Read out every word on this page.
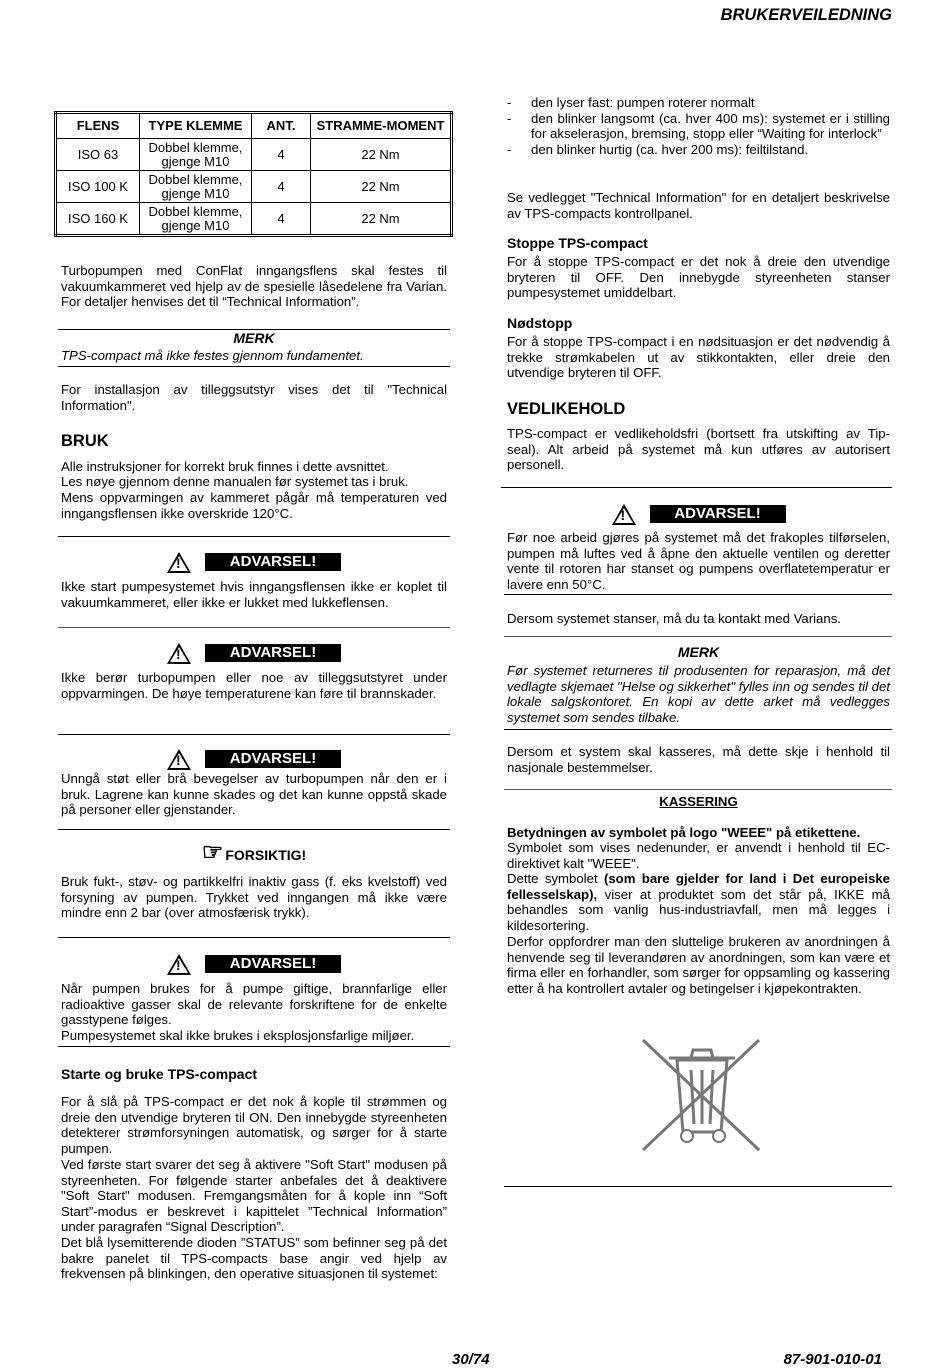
BRUKERVEILEDNING
FLENS	TYPE KLEMME	ANT.	STRAMME-MOMENT
ISO 63	Dobbel klemme, gjenge M10	4	22 Nm
ISO 100 K	Dobbel klemme, gjenge M10	4	22 Nm
ISO 160 K	Dobbel klemme, gjenge M10	4	22 Nm

Turbopumpen med ConFlat inngangsflens skal festes til vakuumkammeret ved hjelp av de spesielle låsedelene fra Varian. For detaljer henvises det til “Technical Information”.

MERK

TPS-compact må ikke festes gjennom fundamentet.

For installasjon av tilleggsutstyr vises det til "Technical Information".

BRUK

Alle instruksjoner for korrekt bruk finnes i dette avsnittet.

Les nøye gjennom denne manualen før systemet tas i bruk.

Mens oppvarmingen av kammeret pågår må temperaturen ved inngangsflensen ikke overskride 120°C.

!	ADVARSEL!

Ikke start pumpesystemet hvis inngangsflensen ikke er koplet til vakuumkammeret, eller ikke er lukket med lukkeflensen.

!	ADVARSEL!

Ikke berør turbopumpen eller noe av tilleggsutstyret under oppvarmingen. De høye temperaturene kan føre til brannskader.

!	ADVARSEL!

Unngå støt eller brå bevegelser av turbopumpen når den er i bruk. Lagrene kan kunne skades og det kan kunne oppstå skade på personer eller gjenstander.

☞ FORSIKTIG!

Bruk fukt-, støv- og partikkelfri inaktiv gass (f. eks kvelstoff) ved forsyning av pumpen. Trykket ved inngangen må ikke være mindre enn 2 bar (over atmosfærisk trykk).

!	ADVARSEL!

Når pumpen brukes for å pumpe giftige, brannfarlige eller radioaktive gasser skal de relevante forskriftene for de enkelte gasstypene følges.

Pumpesystemet skal ikke brukes i eksplosjonsfarlige miljøer.

Starte og bruke TPS-compact

For å slå på TPS-compact er det nok å kople til strømmen og dreie den utvendige bryteren til ON. Den innebygde styreenheten detekterer strømforsyningen automatisk, og sørger for å starte pumpen.

Ved første start svarer det seg å aktivere "Soft Start" modusen på styreenheten. For følgende starter anbefales det å deaktivere "Soft Start" modusen. Fremgangsmåten for å kople inn “Soft Start”-modus er beskrevet i kapittelet ”Technical Information” under paragrafen “Signal Description”.

Det blå lysemitterende dioden ”STATUS” som befinner seg på det bakre panelet til TPS-compacts base angir ved hjelp av frekvensen på blinkingen, den operative situasjonen til systemet:

-	den lyser fast: pumpen roterer normalt
-	den blinker langsomt (ca. hver 400 ms): systemet er i stilling for akselerasjon, bremsing, stopp eller “Waiting for interlock”
-	den blinker hurtig (ca. hver 200 ms): feiltilstand.

Se vedlegget "Technical Information" for en detaljert beskrivelse av TPS-compacts kontrollpanel.

Stoppe TPS-compact

For å stoppe TPS-compact er det nok å dreie den utvendige bryteren til OFF. Den innebygde styreenheten stanser pumpesystemet umiddelbart.

Nødstopp

For å stoppe TPS-compact i en nødsituasjon er det nødvendig å trekke strømkabelen ut av stikkontakten, eller dreie den utvendige bryteren til OFF.

VEDLIKEHOLD

TPS-compact er vedlikeholdsfri (bortsett fra utskifting av Tip-seal). Alt arbeid på systemet må kun utføres av autorisert personell.

!	ADVARSEL!

Før noe arbeid gjøres på systemet må det frakoples tilførselen, pumpen må luftes ved å åpne den aktuelle ventilen og deretter vente til rotoren har stanset og pumpens overflatetemperatur er lavere enn 50°C.

Dersom systemet stanser, må du ta kontakt med Varians.

MERK

Før systemet returneres til produsenten for reparasjon, må det vedlagte skjemaet "Helse og sikkerhet" fylles inn og sendes til det lokale salgskontoret. En kopi av dette arket må vedlegges systemet som sendes tilbake.

Dersom et system skal kasseres, må dette skje i henhold til nasjonale bestemmelser.

KASSERING

Betydningen av symbolet på logo "WEEE" på etikettene.

Symbolet som vises nedenunder, er anvendt i henhold til EC-direktivet kalt "WEEE".

Dette symbolet (som bare gjelder for land i Det europeiske fellesselskap), viser at produktet som det står på, IKKE må behandles som vanlig hus-industriavfall, men må legges i kildesortering.

Derfor oppfordrer man den sluttelige brukeren av anordningen å henvende seg til leverandøren av anordningen, som kan være et firma eller en forhandler, som sørger for oppsamling og kassering etter å ha kontrollert avtaler og betingelser i kjøpekontrakten.

30/74	87-901-010-01
